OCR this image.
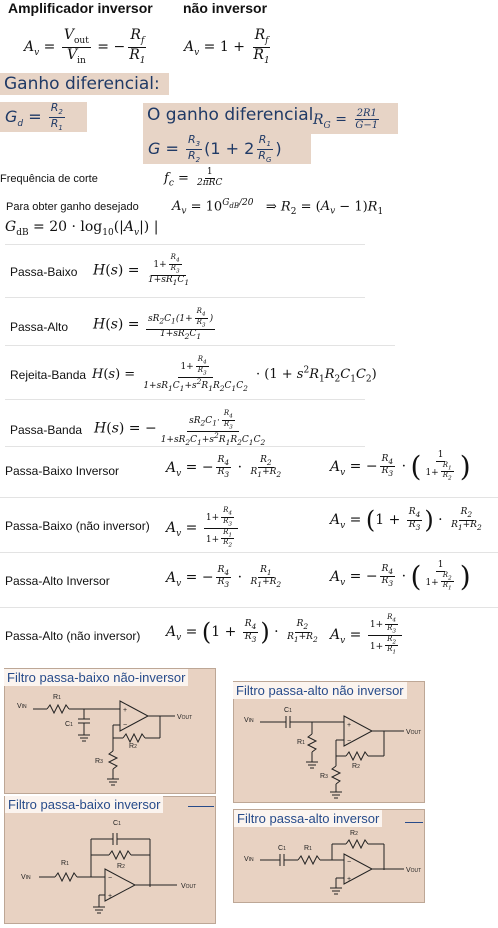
Amplificador inversor não inversor
$A_v = \frac{V_{out}}{V_{in}}$ = − $\frac{R_f}{R_1}$	$A_v = 1 + \frac{R_f}{R_1}$
Ganho diferencial:
$G_d = \frac{R_2}{R_1}$	O ganho diferencial $R_G = \frac{2R1}{G-1}$
$G = \frac{R_3}{R_2} (1 + 2 \frac{R_1}{R_G}$ )
Frequência de corte	$f_c = \frac{1}{\text{2πRC}}$
Para obter ganho desejado	$A_v = 10^{G_{dB}/20}$   ⇒ $R_2 = (A_v - 1)R_1$
$G_{dB} = 20 \cdot \log_{10}(|A_v|)$ |
Passa-Baixo $H(s) = \frac{1+ \frac{R_4}{R_3}}{1+sR_1C_1}$
Passa-Alto $H(s) = \frac{sR_2C_1(1+ \frac{R_4}{R_3} )}{1+sR_2C_1}$
Rejeita-Banda $H(s) = \frac{1+ \frac{R_4}{R_3}}{1+sR_1C_1+s^2R_1R_2C_1C_2} \cdot (1 + s^2R_1R_2C_1C_2)$
Passa-Banda H(s) = − $\frac{sR_2C_1\cdot \frac{R_4}{R_3}}{1+sR_2C_1+s^2R_1R_2C_1C_2}$
Passa-Baixo Inversor	$A_v$ = − $\frac{R_4}{R_3} \cdot \frac{R_2}{R_1+R_2}$	$A_v$ = − $\frac{R_4}{R_3}$ · ( $\frac{1}{1+ \frac{R_1}{R_2}}$ )
Passa-Baixo (não inversor) $A_v = \frac{1+ \frac{R_4}{R_3}}{1+ \frac{R_1}{R_2}}$	$A_v = (1 + \frac{R_4}{R_3}$ ) · $\frac{R_2}{R_1+R_2}$
Passa-Alto Inversor	$A_v$ = − $\frac{R_4}{R_3} \cdot \frac{R_1}{R_1+R_2}$	$A_v$ = − $\frac{R_4}{R_3}$ · ( $\frac{1}{1+ \frac{R_2}{R_1}}$ )
Passa-Alto (não inversor) $A_v = (1 + \frac{R_4}{R_3}$ ) · $\frac{R_2}{R_1+R_2} A_v = \frac{1+ \frac{R_4}{R_3}}{1+ \frac{R_2}{R_1}}$
VIN
R1
C1
+
−
VOUT
R2
R3
Filtro passa-baixo não-inversor
VIN
C1
R1
+
−
VOUT
R2
R3
Filtro passa-alto não inversor
VIN
R1
C1
R2
−
+
VOUT
Filtro passa-baixo inversor
VIN
C1	R1
R2
−
+
VOUT
Filtro passa-alto inversor
